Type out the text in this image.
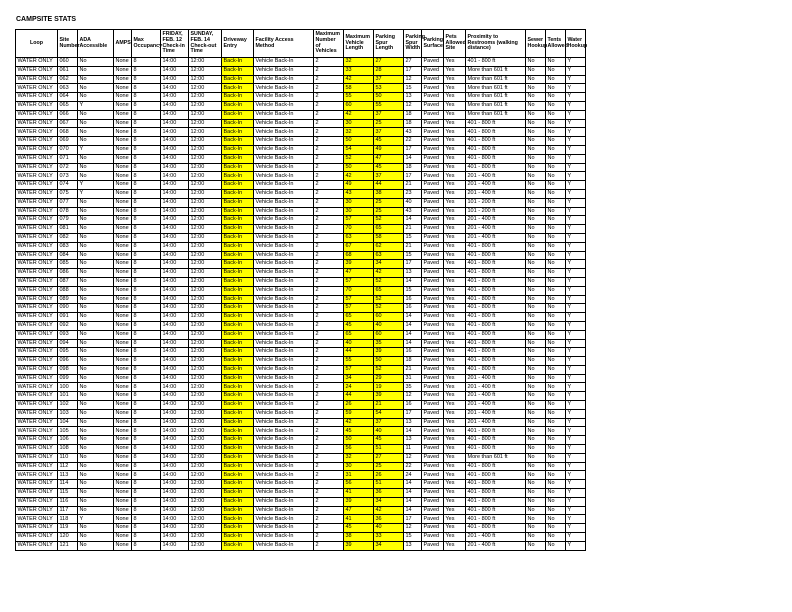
CAMPSITE STATS
Loop	Site Number	ADA Accessible	AMPS	Max Occupancy	FRIDAY, FEB. 12 Check-in Time	SUNDAY, FEB. 14 Check-out Time	Driveway Entry	Facility Access Method	Maximum Number of Vehicles	Maximum Vehicle Length	Parking Spur Length	Parking Spur Width	Parking Surface	Pets Allowed Site	Proximity to Restrooms (walking distance)	Sewer Hookup	Tents Allowed	Water Hookup
WATER ONLY	060	No	None	8	14:00	12:00	Back-In	Vehicle Back-In	2	32	27	27	Paved	Yes	401 - 800 ft	No	No	Y
WATER ONLY	061	No	None	8	14:00	12:00	Back-In	Vehicle Back-In	2	33	28	17	Paved	Yes	More than 601 ft	No	No	Y
WATER ONLY	062	No	None	8	14:00	12:00	Back-In	Vehicle Back-In	2	42	37	12	Paved	Yes	More than 601 ft	No	No	Y
WATER ONLY	063	No	None	8	14:00	12:00	Back-In	Vehicle Back-In	2	58	53	15	Paved	Yes	More than 601 ft	No	No	Y
WATER ONLY	064	No	None	8	14:00	12:00	Back-In	Vehicle Back-In	2	55	50	13	Paved	Yes	More than 601 ft	No	No	Y
WATER ONLY	065	Y	None	8	14:00	12:00	Back-In	Vehicle Back-In	2	60	55	12	Paved	Yes	More than 601 ft	No	No	Y
WATER ONLY	066	No	None	8	14:00	12:00	Back-In	Vehicle Back-In	2	42	37	18	Paved	Yes	More than 601 ft	No	No	Y
WATER ONLY	067	No	None	8	14:00	12:00	Back-In	Vehicle Back-In	2	30	25	18	Paved	Yes	401 - 800 ft	No	No	Y
WATER ONLY	068	No	None	8	14:00	12:00	Back-In	Vehicle Back-In	2	32	37	43	Paved	Yes	401 - 800 ft	No	No	Y
WATER ONLY	069	No	None	8	14:00	12:00	Back-In	Vehicle Back-In	2	50	45	22	Paved	Yes	401 - 800 ft	No	No	Y
WATER ONLY	070	Y	None	8	14:00	12:00	Back-In	Vehicle Back-In	2	54	49	17	Paved	Yes	401 - 800 ft	No	No	Y
WATER ONLY	071	No	None	8	14:00	12:00	Back-In	Vehicle Back-In	2	52	47	14	Paved	Yes	401 - 800 ft	No	No	Y
WATER ONLY	072	No	None	8	14:00	12:00	Back-In	Vehicle Back-In	2	50	45	18	Paved	Yes	401 - 800 ft	No	No	Y
WATER ONLY	073	No	None	8	14:00	12:00	Back-In	Vehicle Back-In	2	42	37	17	Paved	Yes	201 - 400 ft	No	No	Y
WATER ONLY	074	Y	None	8	14:00	12:00	Back-In	Vehicle Back-In	2	49	44	21	Paved	Yes	201 - 400 ft	No	No	Y
WATER ONLY	075	Y	None	8	14:00	12:00	Back-In	Vehicle Back-In	2	43	38	23	Paved	Yes	201 - 400 ft	No	No	Y
WATER ONLY	077	No	None	8	14:00	12:00	Back-In	Vehicle Back-In	2	30	25	40	Paved	Yes	101 - 200 ft	No	No	Y
WATER ONLY	078	No	None	8	14:00	12:00	Back-In	Vehicle Back-In	2	30	25	43	Paved	Yes	101 - 200 ft	No	No	Y
WATER ONLY	079	No	None	8	14:00	12:00	Back-In	Vehicle Back-In	2	57	52	14	Paved	Yes	201 - 400 ft	No	No	Y
WATER ONLY	081	No	None	8	14:00	12:00	Back-In	Vehicle Back-In	2	70	65	21	Paved	Yes	201 - 400 ft	No	No	Y
WATER ONLY	082	No	None	8	14:00	12:00	Back-In	Vehicle Back-In	2	63	58	15	Paved	Yes	201 - 400 ft	No	No	Y
WATER ONLY	083	No	None	8	14:00	12:00	Back-In	Vehicle Back-In	2	67	62	21	Paved	Yes	401 - 800 ft	No	No	Y
WATER ONLY	084	No	None	8	14:00	12:00	Back-In	Vehicle Back-In	2	68	63	15	Paved	Yes	401 - 800 ft	No	No	Y
WATER ONLY	085	No	None	8	14:00	12:00	Back-In	Vehicle Back-In	2	39	34	17	Paved	Yes	401 - 800 ft	No	No	Y
WATER ONLY	086	No	None	8	14:00	12:00	Back-In	Vehicle Back-In	2	47	42	13	Paved	Yes	401 - 800 ft	No	No	Y
WATER ONLY	087	No	None	8	14:00	12:00	Back-In	Vehicle Back-In	2	57	52	14	Paved	Yes	401 - 800 ft	No	No	Y
WATER ONLY	088	No	None	8	14:00	12:00	Back-In	Vehicle Back-In	2	70	65	15	Paved	Yes	401 - 800 ft	No	No	Y
WATER ONLY	089	No	None	8	14:00	12:00	Back-In	Vehicle Back-In	2	57	52	16	Paved	Yes	401 - 800 ft	No	No	Y
WATER ONLY	090	No	None	8	14:00	12:00	Back-In	Vehicle Back-In	2	57	52	16	Paved	Yes	401 - 800 ft	No	No	Y
WATER ONLY	091	No	None	8	14:00	12:00	Back-In	Vehicle Back-In	2	65	60	14	Paved	Yes	401 - 800 ft	No	No	Y
WATER ONLY	092	No	None	8	14:00	12:00	Back-In	Vehicle Back-In	2	45	40	14	Paved	Yes	401 - 800 ft	No	No	Y
WATER ONLY	093	No	None	8	14:00	12:00	Back-In	Vehicle Back-In	2	65	60	14	Paved	Yes	401 - 800 ft	No	No	Y
WATER ONLY	094	No	None	8	14:00	12:00	Back-In	Vehicle Back-In	2	40	35	14	Paved	Yes	401 - 800 ft	No	No	Y
WATER ONLY	095	No	None	8	14:00	12:00	Back-In	Vehicle Back-In	2	44	39	16	Paved	Yes	401 - 800 ft	No	No	Y
WATER ONLY	096	No	None	8	14:00	12:00	Back-In	Vehicle Back-In	2	55	50	18	Paved	Yes	401 - 800 ft	No	No	Y
WATER ONLY	098	No	None	8	14:00	12:00	Back-In	Vehicle Back-In	2	57	52	21	Paved	Yes	401 - 800 ft	No	No	Y
WATER ONLY	099	No	None	8	14:00	12:00	Back-In	Vehicle Back-In	2	34	29	31	Paved	Yes	201 - 400 ft	No	No	Y
WATER ONLY	100	No	None	8	14:00	12:00	Back-In	Vehicle Back-In	2	24	19	35	Paved	Yes	201 - 400 ft	No	No	Y
WATER ONLY	101	No	None	8	14:00	12:00	Back-In	Vehicle Back-In	2	44	39	12	Paved	Yes	201 - 400 ft	No	No	Y
WATER ONLY	102	No	None	8	14:00	12:00	Back-In	Vehicle Back-In	2	26	21	16	Paved	Yes	201 - 400 ft	No	No	Y
WATER ONLY	103	No	None	8	14:00	12:00	Back-In	Vehicle Back-In	2	59	54	17	Paved	Yes	201 - 400 ft	No	No	Y
WATER ONLY	104	No	None	8	14:00	12:00	Back-In	Vehicle Back-In	2	42	37	13	Paved	Yes	201 - 400 ft	No	No	Y
WATER ONLY	105	No	None	8	14:00	12:00	Back-In	Vehicle Back-In	2	45	40	14	Paved	Yes	401 - 800 ft	No	No	Y
WATER ONLY	106	No	None	8	14:00	12:00	Back-In	Vehicle Back-In	2	50	45	13	Paved	Yes	401 - 800 ft	No	No	Y
WATER ONLY	108	No	None	8	14:00	12:00	Back-In	Vehicle Back-In	2	56	51	11	Paved	Yes	401 - 800 ft	No	No	Y
WATER ONLY	110	No	None	8	14:00	12:00	Back-In	Vehicle Back-In	2	32	27	12	Paved	Yes	More than 601 ft	No	No	Y
WATER ONLY	112	No	None	8	14:00	12:00	Back-In	Vehicle Back-In	2	30	25	22	Paved	Yes	401 - 800 ft	No	No	Y
WATER ONLY	113	No	None	8	14:00	12:00	Back-In	Vehicle Back-In	2	31	26	24	Paved	Yes	401 - 800 ft	No	No	Y
WATER ONLY	114	No	None	8	14:00	12:00	Back-In	Vehicle Back-In	2	56	51	14	Paved	Yes	401 - 800 ft	No	No	Y
WATER ONLY	115	No	None	8	14:00	12:00	Back-In	Vehicle Back-In	2	41	36	14	Paved	Yes	401 - 800 ft	No	No	Y
WATER ONLY	116	No	None	8	14:00	12:00	Back-In	Vehicle Back-In	2	39	34	14	Paved	Yes	401 - 800 ft	No	No	Y
WATER ONLY	117	No	None	8	14:00	12:00	Back-In	Vehicle Back-In	2	47	42	14	Paved	Yes	401 - 800 ft	No	No	Y
WATER ONLY	118	Y	None	8	14:00	12:00	Back-In	Vehicle Back-In	2	41	36	17	Paved	Yes	401 - 800 ft	No	No	Y
WATER ONLY	119	No	None	8	14:00	12:00	Back-In	Vehicle Back-In	2	45	40	12	Paved	Yes	401 - 800 ft	No	No	Y
WATER ONLY	120	No	None	8	14:00	12:00	Back-In	Vehicle Back-In	2	38	33	15	Paved	Yes	201 - 400 ft	No	No	Y
WATER ONLY	121	No	None	8	14:00	12:00	Back-In	Vehicle Back-In	2	39	34	13	Paved	Yes	201 - 400 ft	No	No	Y
